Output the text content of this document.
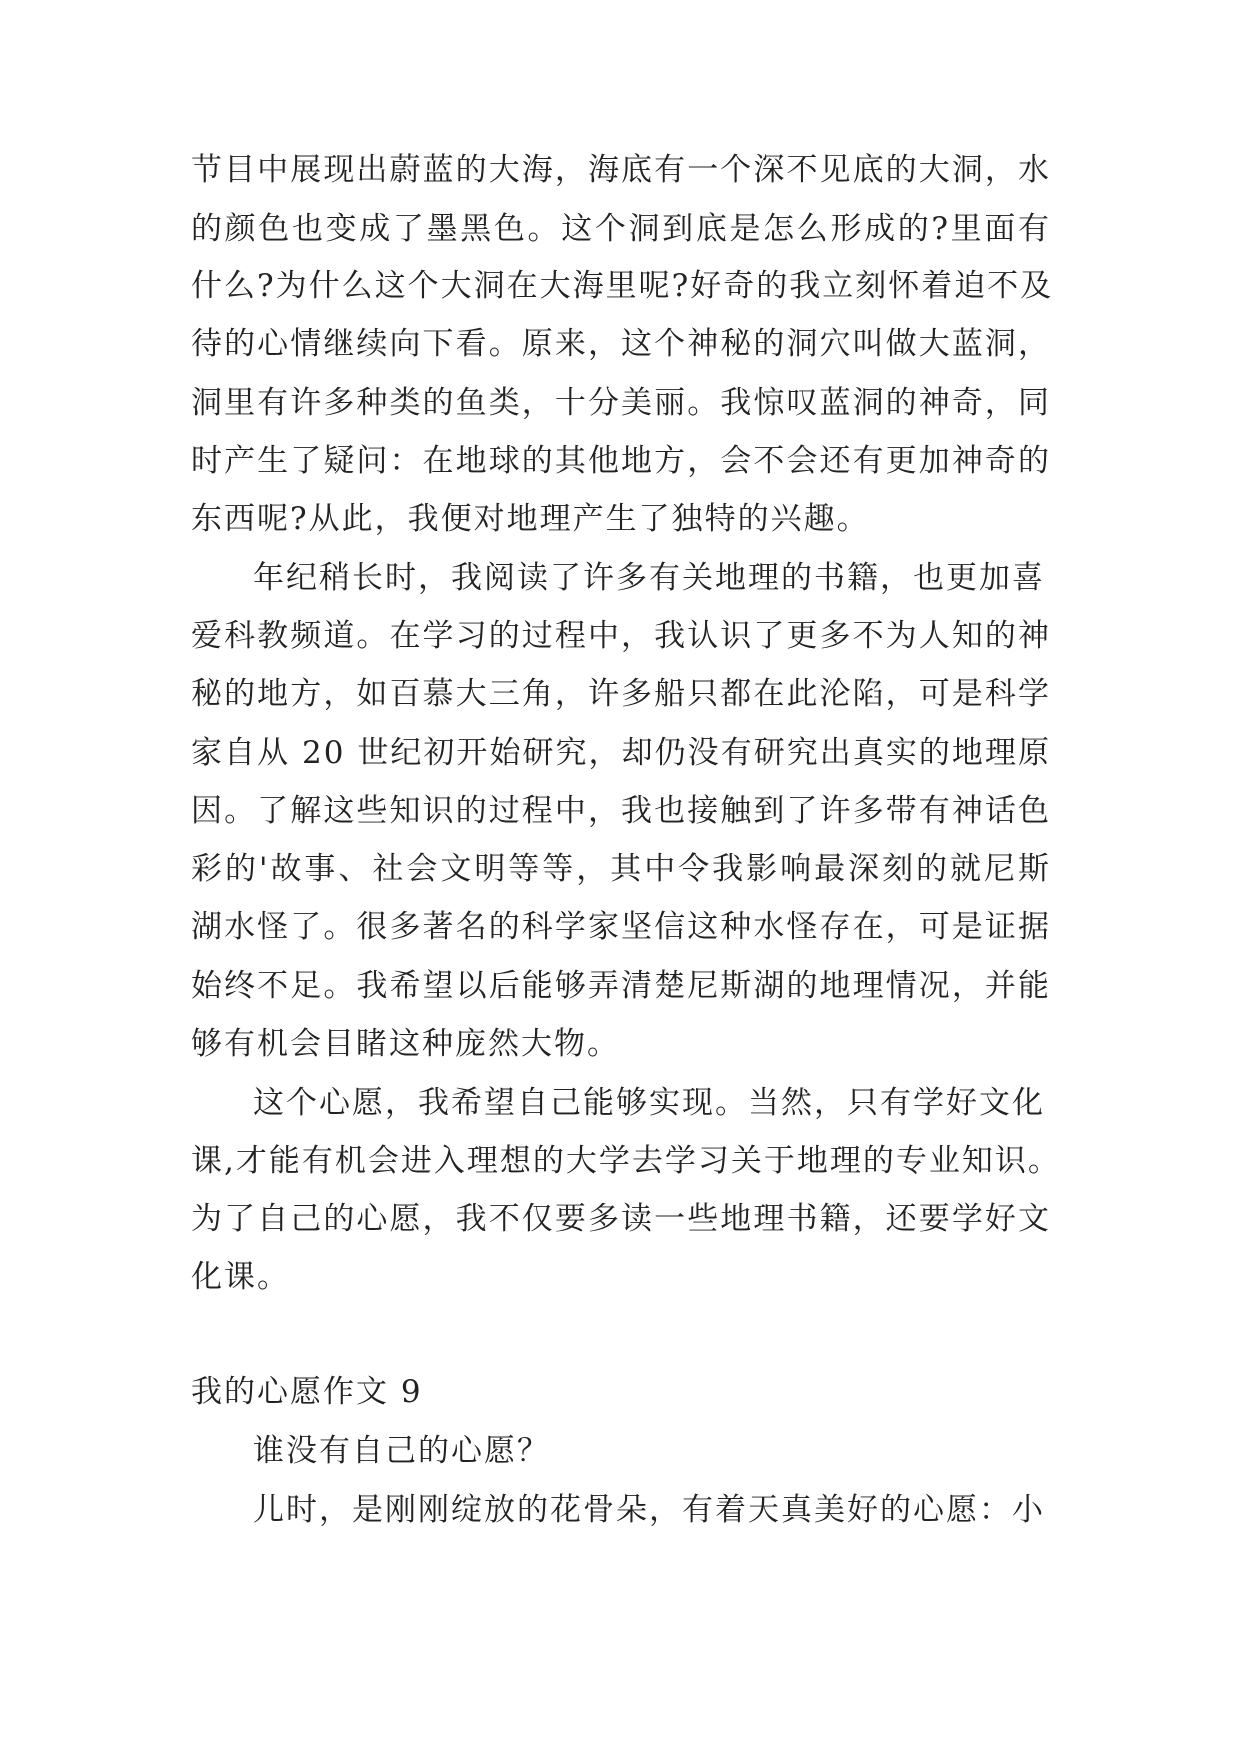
节目中展现出蔚蓝的大海，海底有一个深不见底的大洞，水
的颜色也变成了墨黑色。这个洞到底是怎么形成的?里面有
什么?为什么这个大洞在大海里呢?好奇的我立刻怀着迫不及
待的心情继续向下看。原来，这个神秘的洞穴叫做大蓝洞，
洞里有许多种类的鱼类，十分美丽。我惊叹蓝洞的神奇，同
时产生了疑问：在地球的其他地方，会不会还有更加神奇的
东西呢?从此，我便对地理产生了独特的兴趣。
年纪稍长时，我阅读了许多有关地理的书籍，也更加喜
爱科教频道。在学习的过程中，我认识了更多不为人知的神
秘的地方，如百慕大三角，许多船只都在此沦陷，可是科学
家自从 20 世纪初开始研究，却仍没有研究出真实的地理原
因。了解这些知识的过程中，我也接触到了许多带有神话色
彩的'故事、社会文明等等，其中令我影响最深刻的就尼斯
湖水怪了。很多著名的科学家坚信这种水怪存在，可是证据
始终不足。我希望以后能够弄清楚尼斯湖的地理情况，并能
够有机会目睹这种庞然大物。
这个心愿，我希望自己能够实现。当然，只有学好文化
课,才能有机会进入理想的大学去学习关于地理的专业知识。
为了自己的心愿，我不仅要多读一些地理书籍，还要学好文
化课。
我的心愿作文 9
谁没有自己的心愿？
儿时，是刚刚绽放的花骨朵，有着天真美好的心愿：小
